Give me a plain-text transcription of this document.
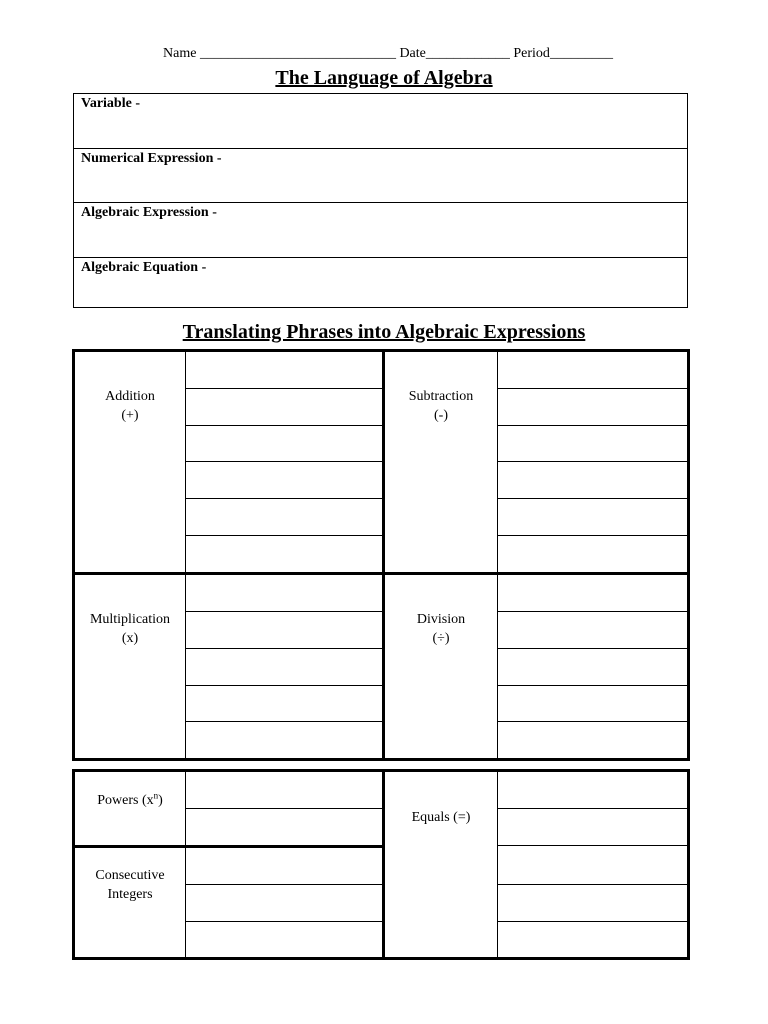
Name ____________________________ Date____________ Period_________
The Language of Algebra
Variable -
Numerical Expression -
Algebraic Expression -
Algebraic Equation -
Translating Phrases into Algebraic Expressions
Addition
(+)
Subtraction
(-)
Multiplication
(x)
Division
(÷)
Powers $(x^n)$
Consecutive
Integers
Equals (=)
